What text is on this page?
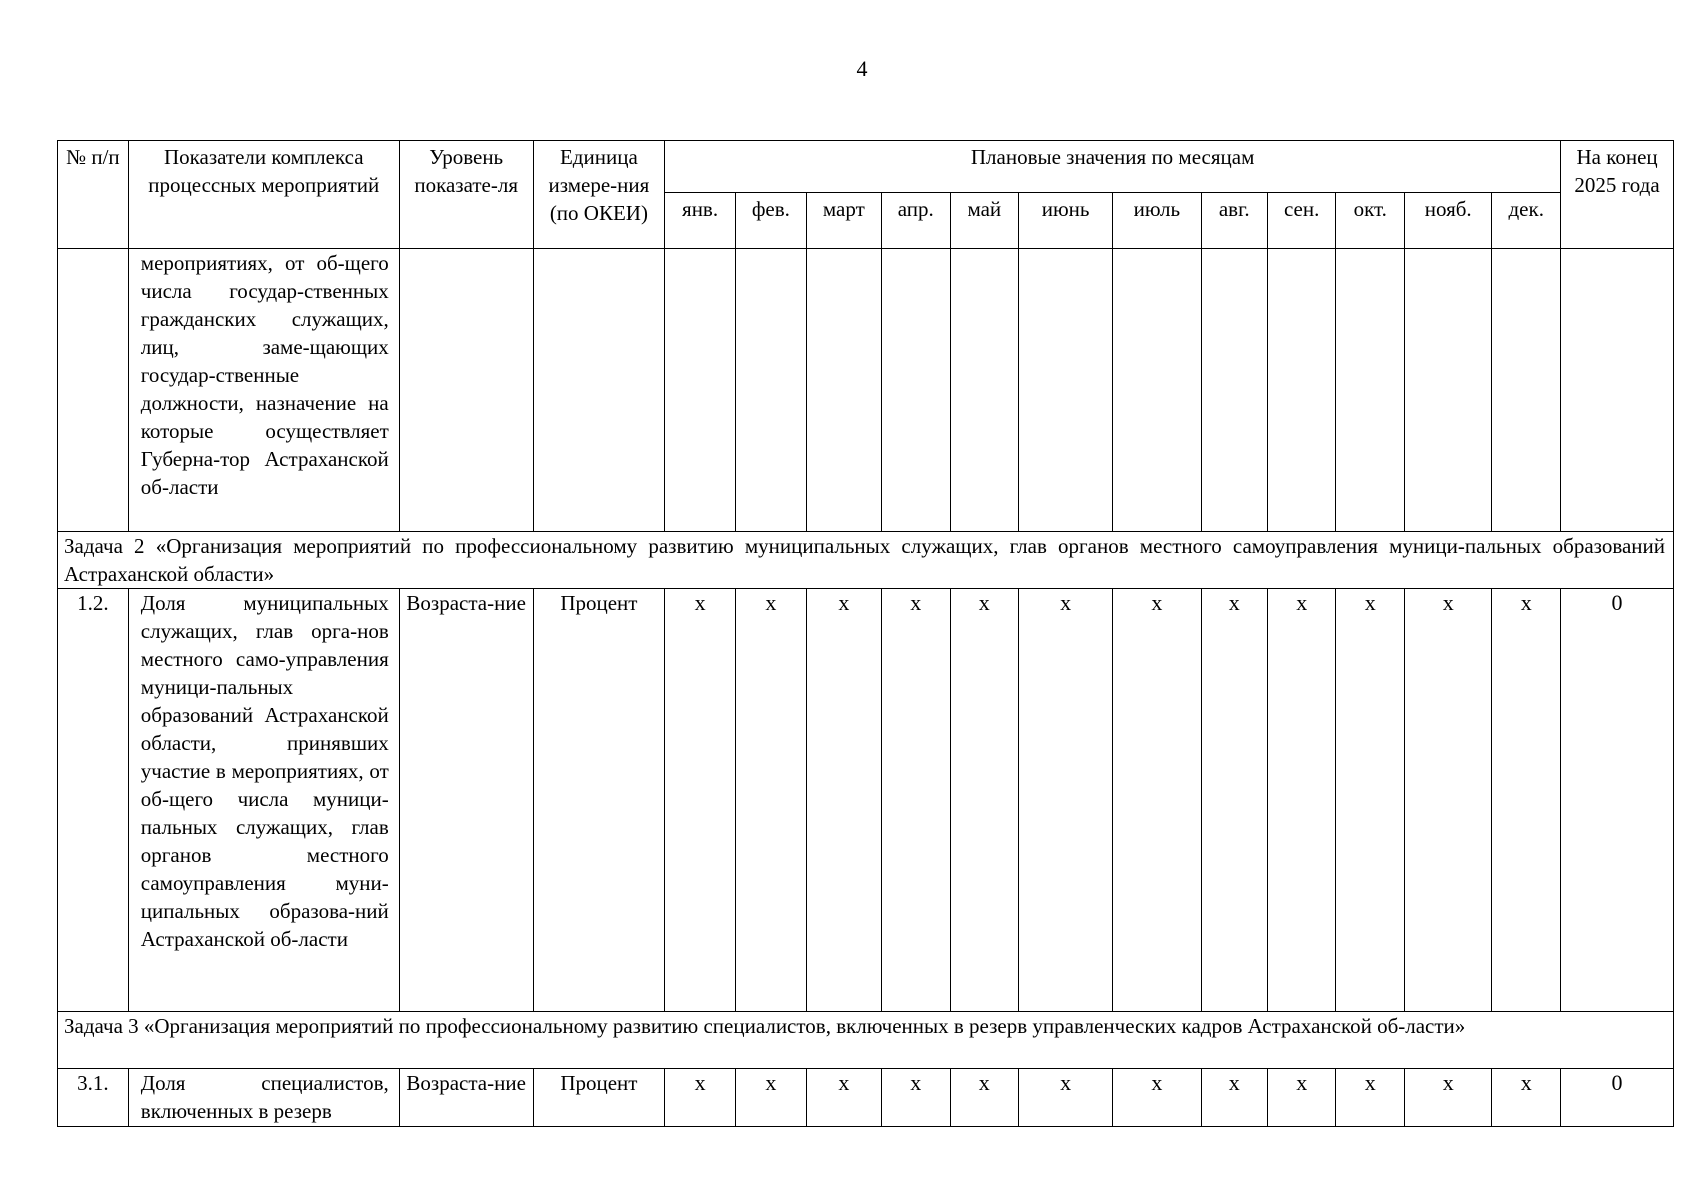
4
№ п/п	Показатели комплекса процессных мероприятий	Уровень показате-ля	Единица измере-ния (по ОКЕИ)	Плановые значения по месяцам												На конец 2025 года
				янв.	фев.	март	апр.	май	июнь	июль	авг.	сен.	окт.	нояб.	дек.	
	мероприятиях, от об-щего числа государ-ственных гражданских служащих, лиц, заме-щающих государ-ственные должности, назначение на которые осуществляет Губерна-тор Астраханской об-ласти															
Задача 2 «Организация мероприятий по профессиональному развитию муниципальных служащих, глав органов местного самоуправления муници-пальных образований Астраханской области»																
1.2.	Доля муниципальных служащих, глав орга-нов местного само-управления муници-пальных образований Астраханской области, принявших участие в мероприятиях, от об-щего числа муници-пальных служащих, глав органов местного самоуправления муни-ципальных образова-ний Астраханской об-ласти	Возраста-ние	Процент	x	x	x	x	x	x	x	x	x	x	x	x	0
Задача 3 «Организация мероприятий по профессиональному развитию специалистов, включенных в резерв управленческих кадров Астраханской об-ласти»																
3.1.	Доля специалистов, включенных в резерв	Возраста-ние	Процент	x	x	x	x	x	x	x	x	x	x	x	x	0
